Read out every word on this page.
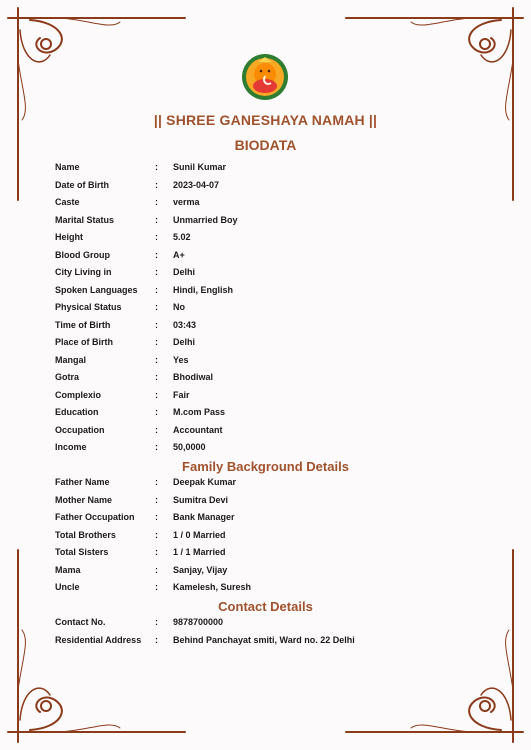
|| SHREE GANESHAYA NAMAH ||
BIODATA
Name	: Sunil Kumar
Date of Birth	: 2023-04-07
Caste	: verma
Marital Status	: Unmarried Boy
Height	: 5.02
Blood Group	: A+
City Living in	: Delhi
Spoken Languages : Hindi, English
Physical Status	: No
Time of Birth	: 03:43
Place of Birth	: Delhi
Mangal	: Yes
Gotra	: Bhodiwal
Complexio	: Fair
Education	: M.com Pass
Occupation	: Accountant
Income	: 50,0000
Family Background Details
Father Name	: Deepak Kumar
Mother Name	: Sumitra Devi
Father Occupation : Bank Manager
Total Brothers	: 1 / 0 Married
Total Sisters	: 1 / 1 Married
Mama	: Sanjay, Vijay
Uncle	: Kamelesh, Suresh
Contact Details
Contact No.	: 9878700000
Residential Address : Behind Panchayat smiti, Ward no. 22 Delhi
